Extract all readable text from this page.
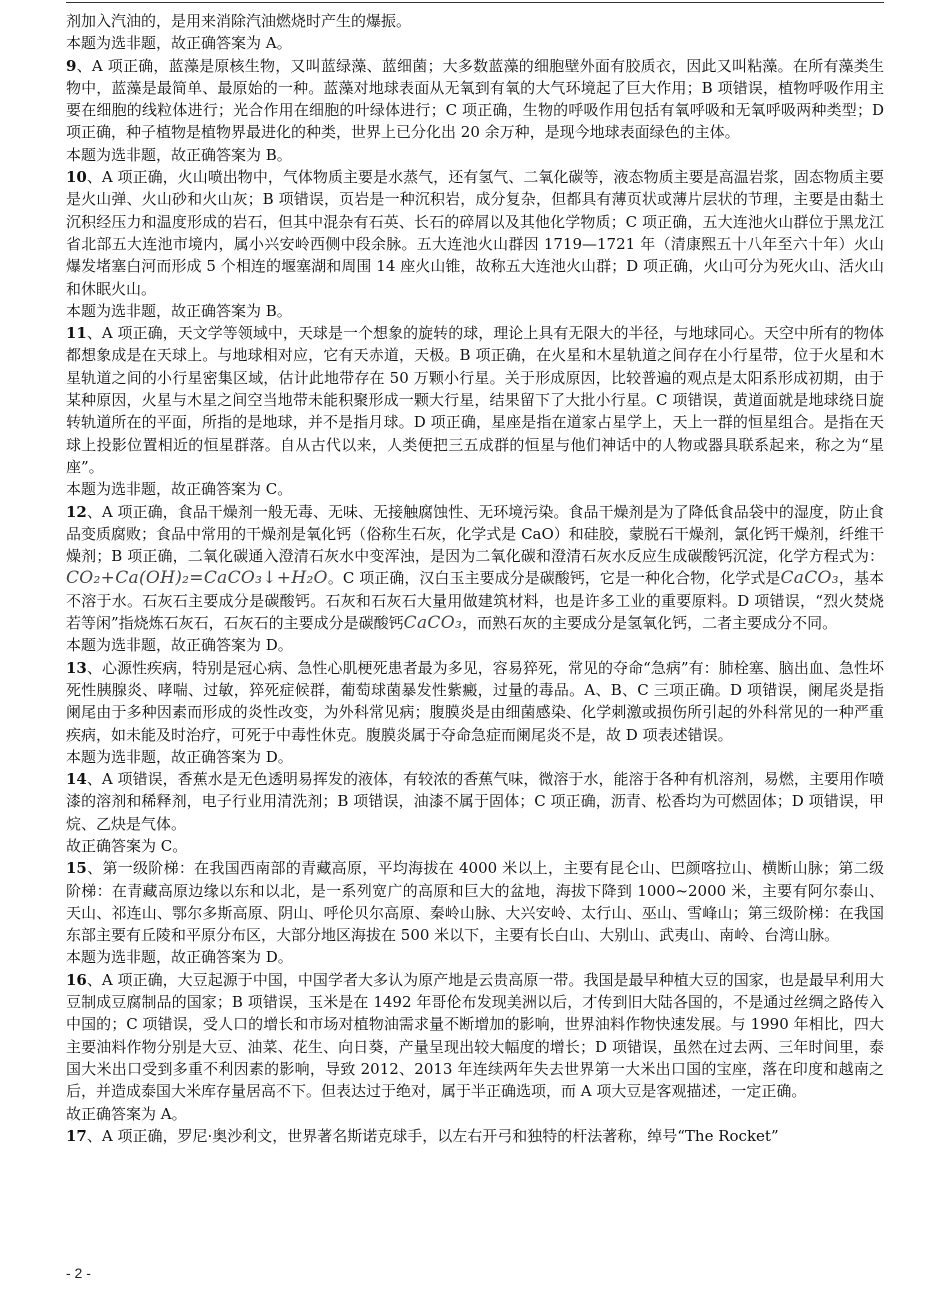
剂加入汽油的，是用来消除汽油燃烧时产生的爆振。

本题为选非题，故正确答案为 A。

9、A 项正确，蓝藻是原核生物，又叫蓝绿藻、蓝细菌；大多数蓝藻的细胞壁外面有胶质衣，因此又叫粘藻。在所有藻类生物中，蓝藻是最简单、最原始的一种。蓝藻对地球表面从无氧到有氧的大气环境起了巨大作用；B 项错误，植物呼吸作用主要在细胞的线粒体进行；光合作用在细胞的叶绿体进行；C 项正确，生物的呼吸作用包括有氧呼吸和无氧呼吸两种类型；D 项正确，种子植物是植物界最进化的种类，世界上已分化出 20 余万种，是现今地球表面绿色的主体。

本题为选非题，故正确答案为 B。

10、A 项正确，火山喷出物中，气体物质主要是水蒸气，还有氢气、二氧化碳等，液态物质主要是高温岩浆，固态物质主要是火山弹、火山砂和火山灰；B 项错误，页岩是一种沉积岩，成分复杂，但都具有薄页状或薄片层状的节理，主要是由黏土沉积经压力和温度形成的岩石，但其中混杂有石英、长石的碎屑以及其他化学物质；C 项正确，五大连池火山群位于黑龙江省北部五大连池市境内，属小兴安岭西侧中段余脉。五大连池火山群因 1719—1721 年（清康熙五十八年至六十年）火山爆发堵塞白河而形成 5 个相连的堰塞湖和周围 14 座火山锥，故称五大连池火山群；D 项正确，火山可分为死火山、活火山和休眠火山。

本题为选非题，故正确答案为 B。

11、A 项正确，天文学等领域中，天球是一个想象的旋转的球，理论上具有无限大的半径，与地球同心。天空中所有的物体都想象成是在天球上。与地球相对应，它有天赤道，天极。B 项正确，在火星和木星轨道之间存在小行星带，位于火星和木星轨道之间的小行星密集区域，估计此地带存在 50 万颗小行星。关于形成原因，比较普遍的观点是太阳系形成初期，由于某种原因，火星与木星之间空当地带未能积聚形成一颗大行星，结果留下了大批小行星。C 项错误，黄道面就是地球绕日旋转轨道所在的平面，所指的是地球，并不是指月球。D 项正确，星座是指在道家占星学上，天上一群的恒星组合。是指在天球上投影位置相近的恒星群落。自从古代以来，人类便把三五成群的恒星与他们神话中的人物或器具联系起来，称之为“星座”。

本题为选非题，故正确答案为 C。

12、A 项正确，食品干燥剂一般无毒、无味、无接触腐蚀性、无环境污染。食品干燥剂是为了降低食品袋中的湿度，防止食品变质腐败；食品中常用的干燥剂是氧化钙（俗称生石灰，化学式是 CaO）和硅胶，蒙脱石干燥剂，氯化钙干燥剂，纤维干燥剂；B 项正确，二氧化碳通入澄清石灰水中变浑浊，是因为二氧化碳和澄清石灰水反应生成碳酸钙沉淀，化学方程式为：CO₂+Ca(OH)₂=CaCO₃↓+H₂O。C 项正确，汉白玉主要成分是碳酸钙，它是一种化合物，化学式是CaCO₃，基本不溶于水。石灰石主要成分是碳酸钙。石灰和石灰石大量用做建筑材料，也是许多工业的重要原料。D 项错误，“烈火焚烧若等闲”指烧炼石灰石，石灰石的主要成分是碳酸钙CaCO₃，而熟石灰的主要成分是氢氧化钙，二者主要成分不同。

本题为选非题，故正确答案为 D。

13、心源性疾病，特别是冠心病、急性心肌梗死患者最为多见，容易猝死，常见的夺命“急病”有：肺栓塞、脑出血、急性坏死性胰腺炎、哮喘、过敏，猝死症候群，葡萄球菌暴发性紫癜，过量的毒品。A、B、C 三项正确。D 项错误，阑尾炎是指阑尾由于多种因素而形成的炎性改变，为外科常见病；腹膜炎是由细菌感染、化学刺激或损伤所引起的外科常见的一种严重疾病，如未能及时治疗，可死于中毒性休克。腹膜炎属于夺命急症而阑尾炎不是，故 D 项表述错误。

本题为选非题，故正确答案为 D。

14、A 项错误，香蕉水是无色透明易挥发的液体，有较浓的香蕉气味，微溶于水，能溶于各种有机溶剂，易燃，主要用作喷漆的溶剂和稀释剂，电子行业用清洗剂；B 项错误，油漆不属于固体；C 项正确，沥青、松香均为可燃固体；D 项错误，甲烷、乙炔是气体。

故正确答案为 C。

15、第一级阶梯：在我国西南部的青藏高原，平均海拔在 4000 米以上，主要有昆仑山、巴颜喀拉山、横断山脉；第二级阶梯：在青藏高原边缘以东和以北，是一系列宽广的高原和巨大的盆地，海拔下降到 1000~2000 米，主要有阿尔泰山、天山、祁连山、鄂尔多斯高原、阴山、呼伦贝尔高原、秦岭山脉、大兴安岭、太行山、巫山、雪峰山；第三级阶梯：在我国东部主要有丘陵和平原分布区，大部分地区海拔在 500 米以下，主要有长白山、大别山、武夷山、南岭、台湾山脉。

本题为选非题，故正确答案为 D。

16、A 项正确，大豆起源于中国，中国学者大多认为原产地是云贵高原一带。我国是最早种植大豆的国家，也是最早利用大豆制成豆腐制品的国家；B 项错误，玉米是在 1492 年哥伦布发现美洲以后，才传到旧大陆各国的，不是通过丝绸之路传入中国的；C 项错误，受人口的增长和市场对植物油需求量不断增加的影响，世界油料作物快速发展。与 1990 年相比，四大主要油料作物分别是大豆、油菜、花生、向日葵，产量呈现出较大幅度的增长；D 项错误，虽然在过去两、三年时间里，泰国大米出口受到多重不利因素的影响，导致 2012、2013 年连续两年失去世界第一大米出口国的宝座，落在印度和越南之后，并造成泰国大米库存量居高不下。但表达过于绝对，属于半正确选项，而 A 项大豆是客观描述，一定正确。

故正确答案为 A。

17、A 项正确，罗尼·奥沙利文，世界著名斯诺克球手，以左右开弓和独特的杆法著称，绰号“The Rocket”

- 2 -
